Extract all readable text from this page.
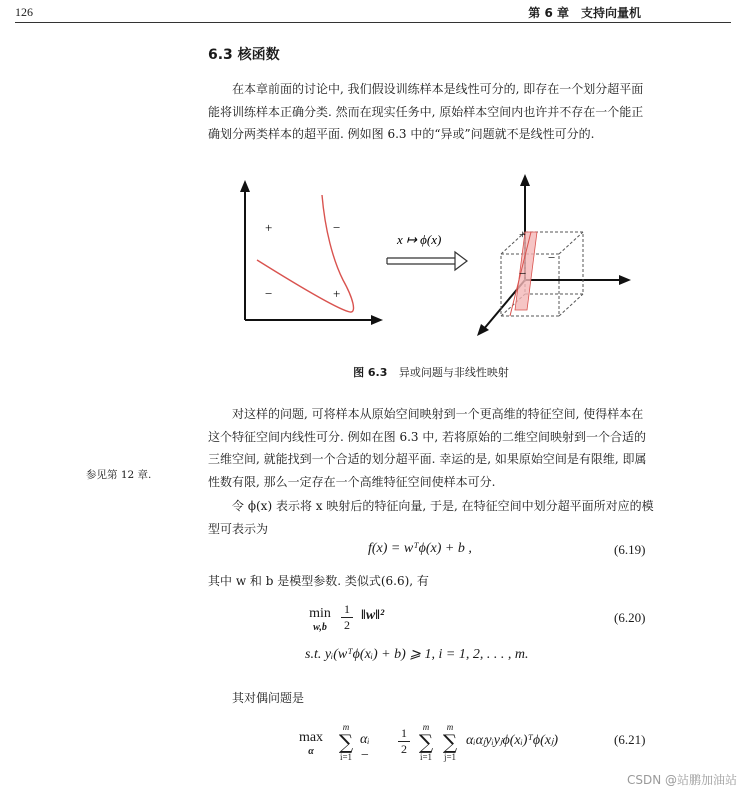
126	第 6 章　支持向量机
6.3 核函数
在本章前面的讨论中, 我们假设训练样本是线性可分的, 即存在一个划分超平面能将训练样本正确分类. 然而在现实任务中, 原始样本空间内也许并不存在一个能正确划分两类样本的超平面. 例如图 6.3 中的“异或”问题就不是线性可分的.
+	−
−	+
x ↦ ϕ(x)	+
−
−
图 6.3 异或问题与非线性映射
对这样的问题, 可将样本从原始空间映射到一个更高维的特征空间, 使得样本在这个特征空间内线性可分. 例如在图 6.3 中, 若将原始的二维空间映射到一个合适的三维空间, 就能找到一个合适的划分超平面. 幸运的是, 如果原始空间是有限维, 即属性数有限, 那么一定存在一个高维特征空间使样本可分.
参见第 12 章.
令 ϕ(x) 表示将 x 映射后的特征向量, 于是, 在特征空间中划分超平面所对应的模型可表示为
f(x) = wᵀϕ(x) + b ,	(6.19)
其中 w 和 b 是模型参数. 类似式(6.6), 有
min
w,b
1
2
‖w‖²	(6.20)
s.t. yᵢ(wᵀϕ(xᵢ) + b) ⩾ 1, i = 1, 2, . . . , m.
其对偶问题是
max
α
m
∑
i=1
αᵢ −
1
2
m
∑
i=1
m
∑
j=1
αᵢαⱼyᵢyⱼϕ(xᵢ)ᵀϕ(xⱼ)	(6.21)
CSDN @站鹏加油站
